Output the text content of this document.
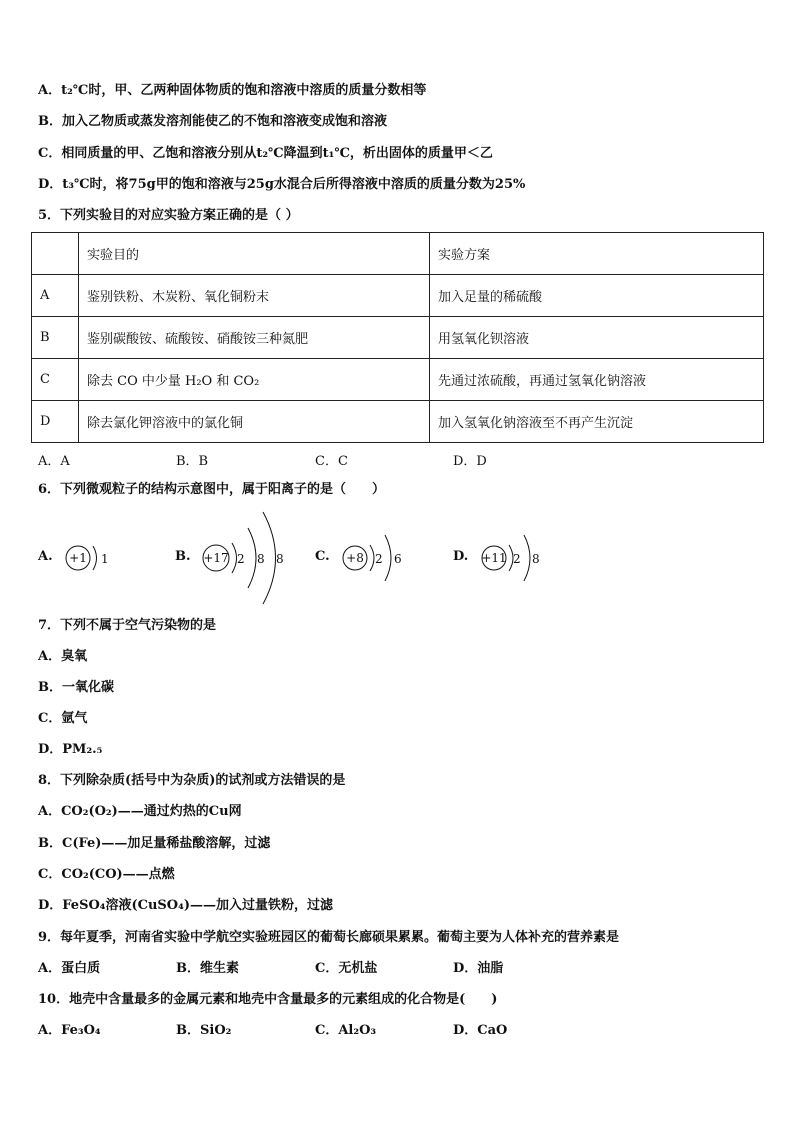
A．t₂℃时，甲、乙两种固体物质的饱和溶液中溶质的质量分数相等
B．加入乙物质或蒸发溶剂能使乙的不饱和溶液变成饱和溶液
C．相同质量的甲、乙饱和溶液分别从t₂℃降温到t₁℃，析出固体的质量甲＜乙
D．t₃℃时，将75g甲的饱和溶液与25g水混合后所得溶液中溶质的质量分数为25%
5．下列实验目的对应实验方案正确的是（ ）
	实验目的	实验方案
A	鉴别铁粉、木炭粉、氧化铜粉末	加入足量的稀硫酸
B	鉴别碳酸铵、硫酸铵、硝酸铵三种氮肥	用氢氧化钡溶液
C	除去 CO 中少量 H₂O 和 CO₂	先通过浓硫酸，再通过氢氧化钠溶液
D	除去氯化钾溶液中的氯化铜	加入氢氧化钠溶液至不再产生沉淀
A．A	B．B	C．C	D．D
6．下列微观粒子的结构示意图中，属于阳离子的是（　　）
A. +1 1	B. +17 2 8 8 C. +8 2 6	D. +11 2 8
7．下列不属于空气污染物的是
A．臭氧
B．一氧化碳
C．氩气
D．PM₂.₅
8．下列除杂质(括号中为杂质)的试剂或方法错误的是
A．CO₂(O₂)——通过灼热的Cu网
B．C(Fe)——加足量稀盐酸溶解，过滤
C．CO₂(CO)——点燃
D．FeSO₄溶液(CuSO₄)——加入过量铁粉，过滤
9．每年夏季，河南省实验中学航空实验班园区的葡萄长廊硕果累累。葡萄主要为人体补充的营养素是
A．蛋白质	B．维生素	C．无机盐	D．油脂
10．地壳中含量最多的金属元素和地壳中含量最多的元素组成的化合物是(　　)
A．Fe₃O₄	B．SiO₂	C．Al₂O₃	D．CaO
